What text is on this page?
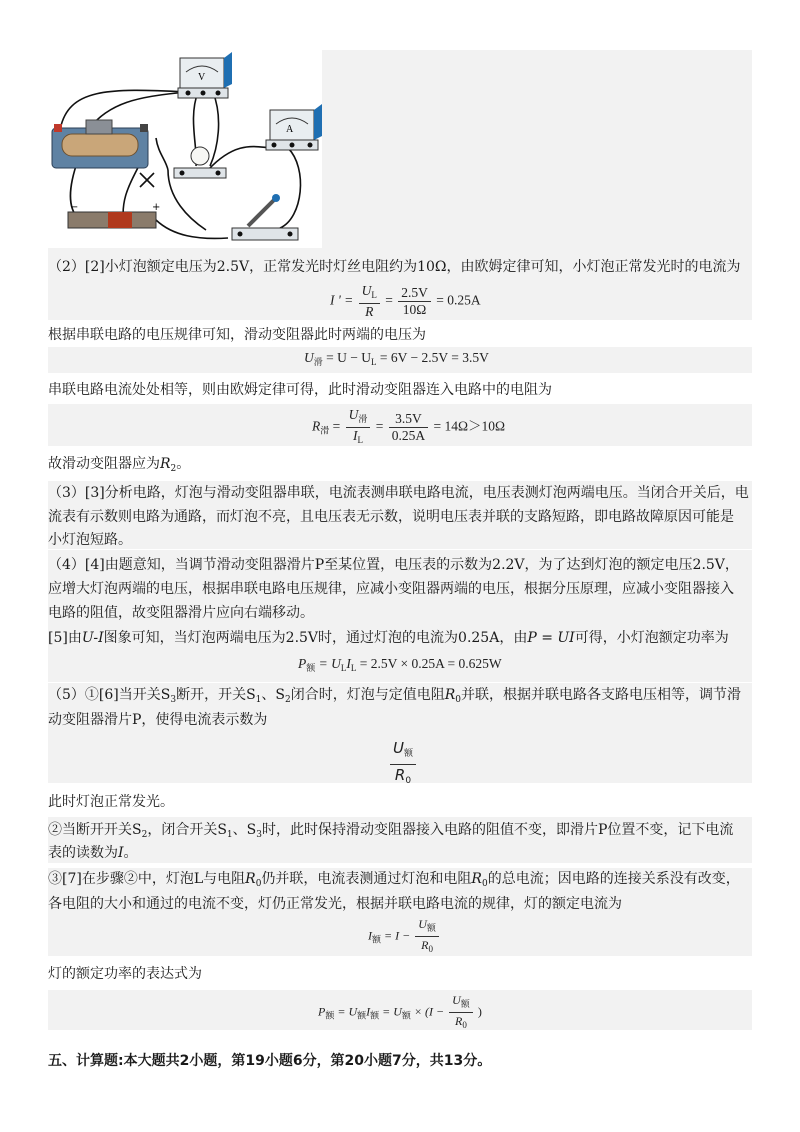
V
A
−	+
（2）[2]小灯泡额定电压为2.5V，正常发光时灯丝电阻约为10Ω，由欧姆定律可知，小灯泡正常发光时的电流为
I ' = $\frac{U_L}{R} = \frac{2.5V}{10\Omega} = 0.25A$
根据串联电路的电压规律可知，滑动变阻器此时两端的电压为
$U_滑 = U - U_L = 6V - 2.5V = 3.5V$
串联电路电流处处相等，则由欧姆定律可得，此时滑动变阻器连入电路中的电阻为
$R_滑 = \frac{U_滑}{I_L} = \frac{3.5V}{0.25A} = 14\Omega>10\Omega$
故滑动变阻器应为$R_2$。
（3）[3]分析电路，灯泡与滑动变阻器串联，电流表测串联电路电流，电压表测灯泡两端电压。当闭合开关后，电
流表有示数则电路为通路，而灯泡不亮，且电压表无示数，说明电压表并联的支路短路，即电路故障原因可能是
小灯泡短路。
（4）[4]由题意知，当调节滑动变阻器滑片P至某位置，电压表的示数为2.2V，为了达到灯泡的额定电压2.5V，
应增大灯泡两端的电压，根据串联电路电压规律，应减小变阻器两端的电压，根据分压原理，应减小变阻器接入
电路的阻值，故变阻器滑片应向右端移动。
[5]由U-I图象可知，当灯泡两端电压为2.5V时，通过灯泡的电流为0.25A，由P = UI可得，小灯泡额定功率为
$P_额 = U_LI_L = 2.5V \times 0.25A = 0.625W$
（5）①[6]当开关$S_3$断开，开关$S_1$、$S_2$闭合时，灯泡与定值电阻$R_0$并联，根据并联电路各支路电压相等，调节滑
动变阻器滑片P，使得电流表示数为
$\frac{U_额}{R_0}$
此时灯泡正常发光。
②当断开开关$S_2$，闭合开关$S_1$、$S_3$时，此时保持滑动变阻器接入电路的阻值不变，即滑片P位置不变，记下电流
表的读数为I。
③[7]在步骤②中，灯泡L与电阻$R_0$仍并联，电流表测通过灯泡和电阻$R_0$的总电流；因电路的连接关系没有改变，
各电阻的大小和通过的电流不变，灯仍正常发光，根据并联电路电流的规律，灯的额定电流为
$I_额 = I - \frac{U_额}{R_0}$
灯的额定功率的表达式为
$P_额 = U_额I_额 = U_额 \times (I - \frac{U_额}{R_0}$ )
五、计算题:本大题共2小题，第19小题6分，第20小题7分，共13分。
